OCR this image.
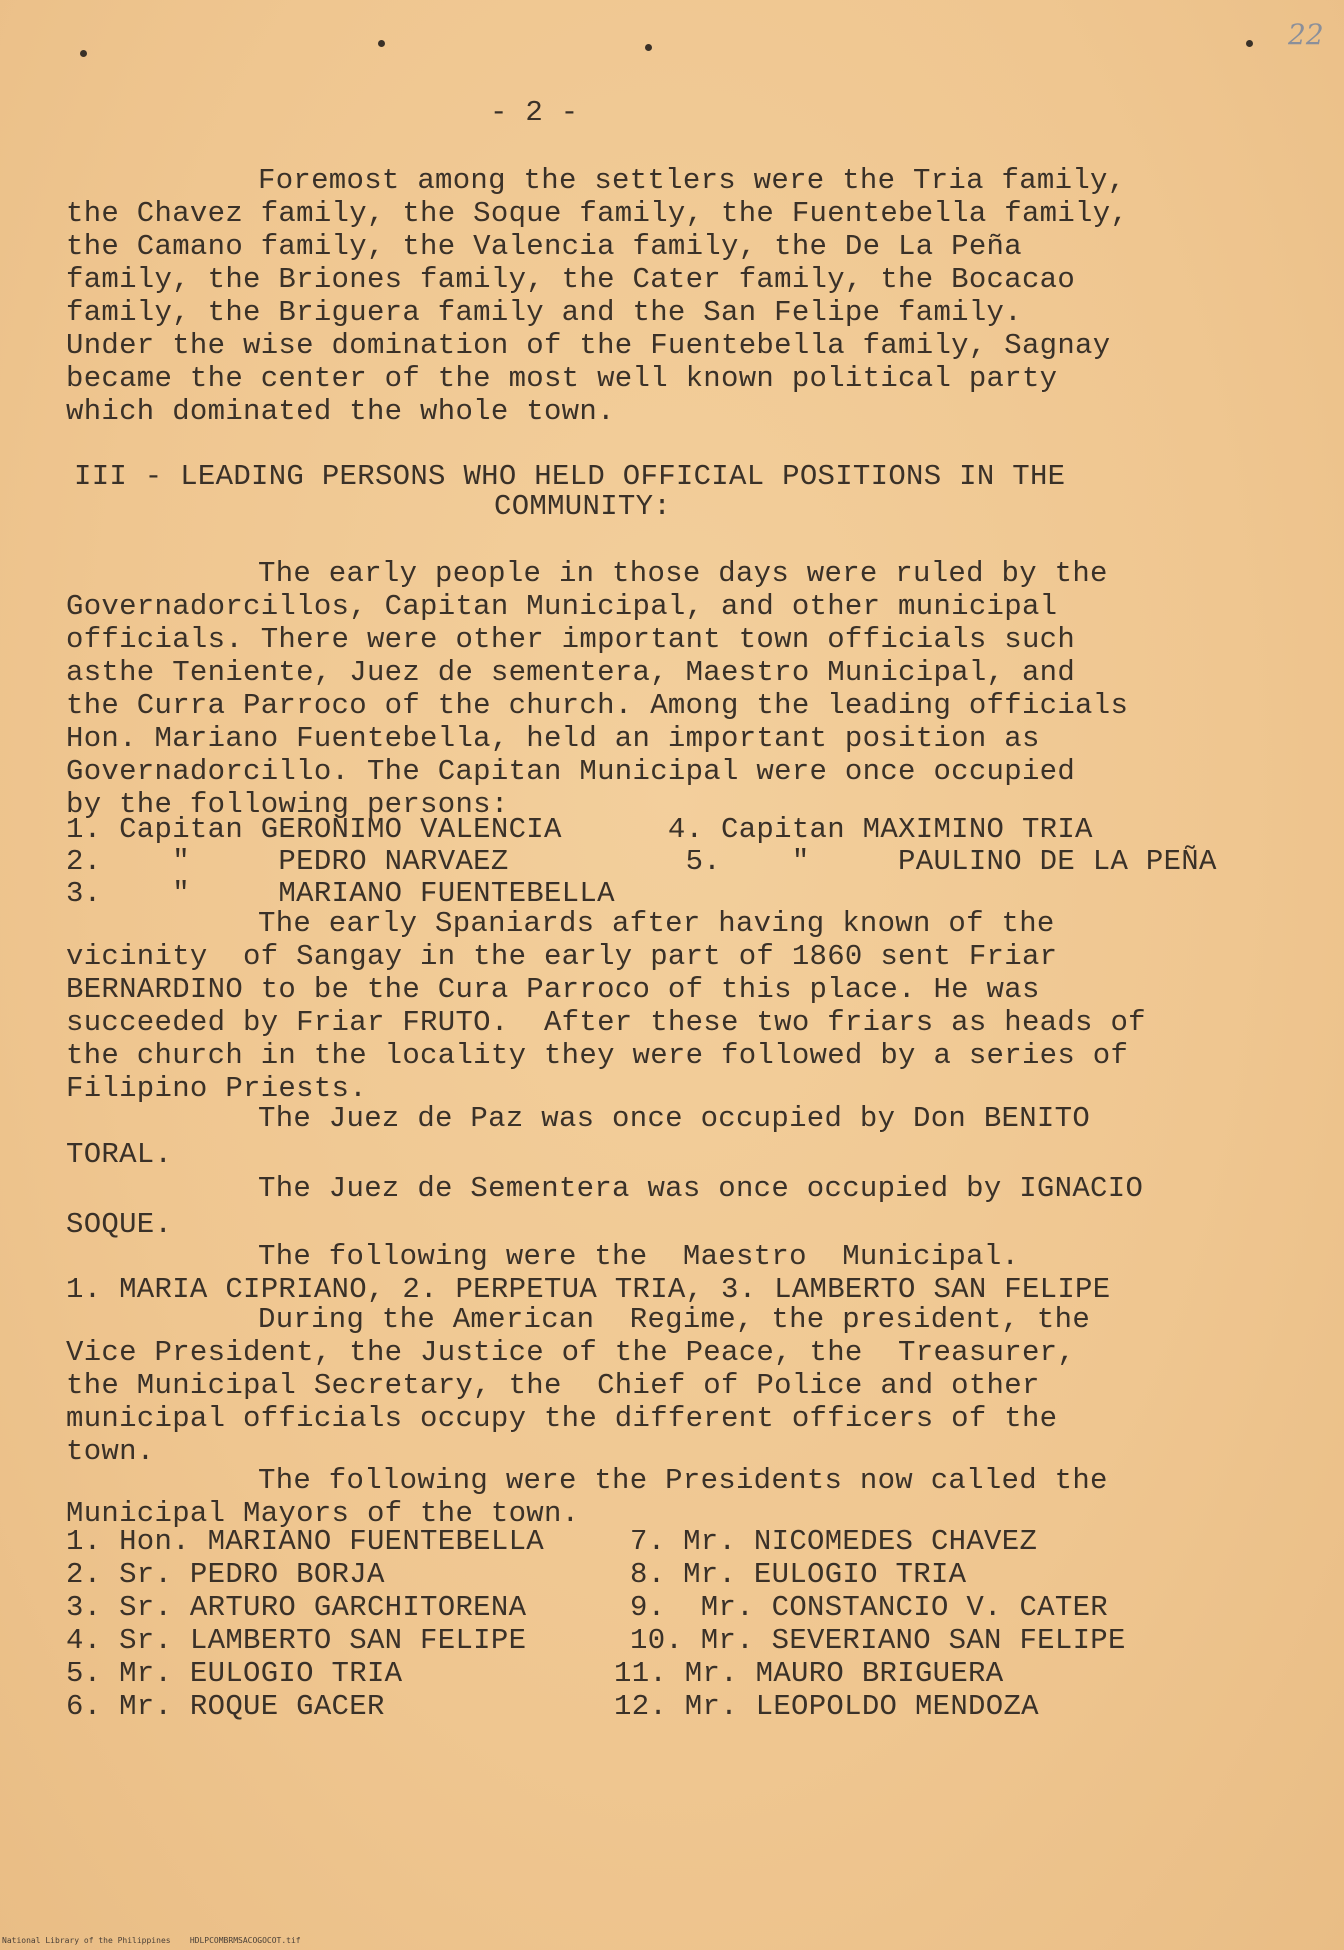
22
- 2 -
Foremost among the settlers were the Tria family,
the Chavez family, the Soque family, the Fuentebella family,
the Camano family, the Valencia family, the De La Peña
family, the Briones family, the Cater family, the Bocacao
family, the Briguera family and the San Felipe family.
Under the wise domination of the Fuentebella family, Sagnay
became the center of the most well known political party
which dominated the whole town.
III - LEADING PERSONS WHO HELD OFFICIAL POSITIONS IN THE
COMMUNITY:
The early people in those days were ruled by the
Governadorcillos, Capitan Municipal, and other municipal
officials. There were other important town officials such
asthe Teniente, Juez de sementera, Maestro Municipal, and
the Curra Parroco of the church. Among the leading officials
Hon. Mariano Fuentebella, held an important position as
Governadorcillo. The Capitan Municipal were once occupied
by the following persons:
1. Capitan GERONIMO VALENCIA      4. Capitan MAXIMINO TRIA
2.    "     PEDRO NARVAEZ          5.    "     PAULINO DE LA PEÑA
3.    "     MARIANO FUENTEBELLA
The early Spaniards after having known of the
vicinity  of Sangay in the early part of 1860 sent Friar
BERNARDINO to be the Cura Parroco of this place. He was
succeeded by Friar FRUTO.  After these two friars as heads of
the church in the locality they were followed by a series of
Filipino Priests.
The Juez de Paz was once occupied by Don BENITO
TORAL.
The Juez de Sementera was once occupied by IGNACIO
SOQUE.
The following were the  Maestro  Municipal.
1. MARIA CIPRIANO, 2. PERPETUA TRIA, 3. LAMBERTO SAN FELIPE
During the American  Regime, the president, the
Vice President, the Justice of the Peace, the  Treasurer,
the Municipal Secretary, the  Chief of Police and other
municipal officials occupy the different officers of the
town.
The following were the Presidents now called the
Municipal Mayors of the town.
1. Hon. MARIANO FUENTEBELLA
2. Sr. PEDRO BORJA
3. Sr. ARTURO GARCHITORENA
4. Sr. LAMBERTO SAN FELIPE
5. Mr. EULOGIO TRIA
6. Mr. ROQUE GACER
7. Mr. NICOMEDES CHAVEZ
8. Mr. EULOGIO TRIA
9.  Mr. CONSTANCIO V. CATER
10. Mr. SEVERIANO SAN FELIPE
11. Mr. MAURO BRIGUERA
12. Mr. LEOPOLDO MENDOZA
National Library of the Philippines    HDLPCOMBRMSACOGOCOT.tif
